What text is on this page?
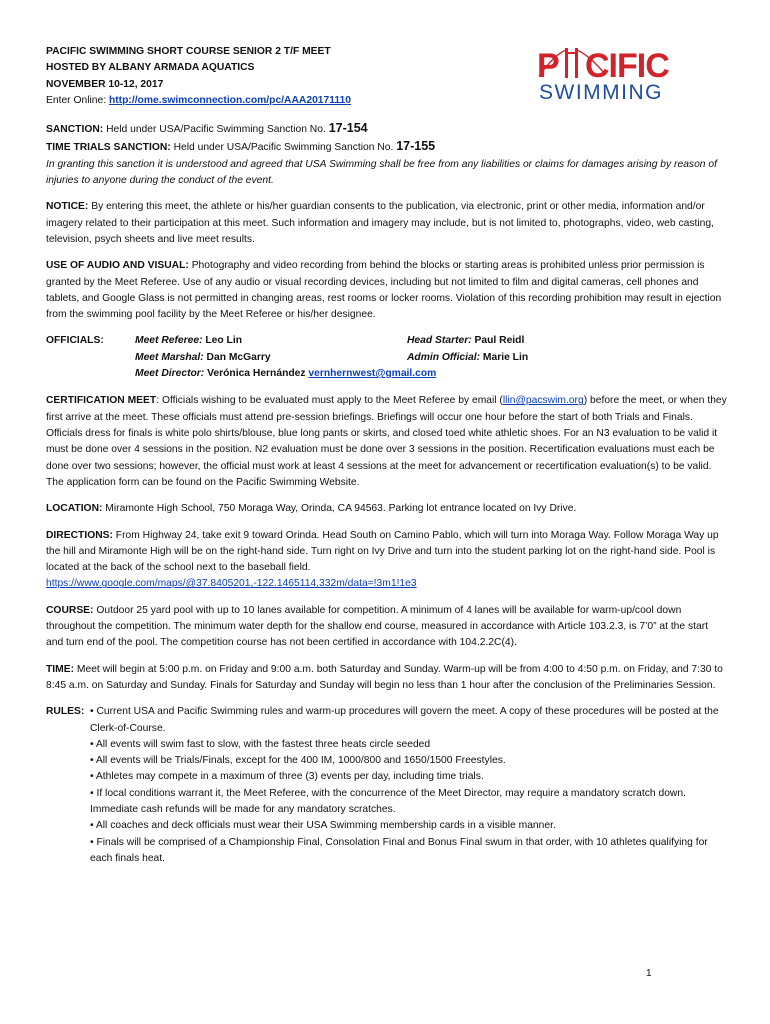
P CIFIC
SWIMMING
PACIFIC SWIMMING SHORT COURSE SENIOR 2 T/F MEET
HOSTED BY ALBANY ARMADA AQUATICS
NOVEMBER 10-12, 2017
Enter Online: http://ome.swimconnection.com/pc/AAA20171110
SANCTION: Held under USA/Pacific Swimming Sanction No. 17-154
TIME TRIALS SANCTION: Held under USA/Pacific Swimming Sanction No. 17-155

In granting this sanction it is understood and agreed that USA Swimming shall be free from any liabilities or claims for damages arising by reason of injuries to anyone during the conduct of the event.

NOTICE: By entering this meet, the athlete or his/her guardian consents to the publication, via electronic, print or other media, information and/or imagery related to their participation at this meet. Such information and imagery may include, but is not limited to, photographs, video, web casting, television, psych sheets and live meet results.

USE OF AUDIO AND VISUAL: Photography and video recording from behind the blocks or starting areas is prohibited unless prior permission is granted by the Meet Referee. Use of any audio or visual recording devices, including but not limited to film and digital cameras, cell phones and tablets, and Google Glass is not permitted in changing areas, rest rooms or locker rooms. Violation of this recording prohibition may result in ejection from the swimming pool facility by the Meet Referee or his/her designee.

OFFICIALS:	Meet Referee: Leo Lin
Meet Marshal: Dan McGarry
Meet Director: Verónica Hernández vernhernwest@gmail.com
Head Starter: Paul Reidl
Admin Official: Marie Lin

CERTIFICATION MEET: Officials wishing to be evaluated must apply to the Meet Referee by email (llin@pacswim.org) before the meet, or when they first arrive at the meet. These officials must attend pre-session briefings. Briefings will occur one hour before the start of both Trials and Finals. Officials dress for finals is white polo shirts/blouse, blue long pants or skirts, and closed toed white athletic shoes. For an N3 evaluation to be valid it must be done over 4 sessions in the position. N2 evaluation must be done over 3 sessions in the position. Recertification evaluations must each be done over two sessions; however, the official must work at least 4 sessions at the meet for advancement or recertification evaluation(s) to be valid. The application form can be found on the Pacific Swimming Website.

LOCATION: Miramonte High School, 750 Moraga Way, Orinda, CA 94563. Parking lot entrance located on Ivy Drive.

DIRECTIONS: From Highway 24, take exit 9 toward Orinda. Head South on Camino Pablo, which will turn into Moraga Way. Follow Moraga Way up the hill and Miramonte High will be on the right-hand side. Turn right on Ivy Drive and turn into the student parking lot on the right-hand side. Pool is located at the back of the school next to the baseball field.
https://www.google.com/maps/@37.8405201,-122.1465114,332m/data=!3m1!1e3

COURSE: Outdoor 25 yard pool with up to 10 lanes available for competition. A minimum of 4 lanes will be available for warm-up/cool down throughout the competition. The minimum water depth for the shallow end course, measured in accordance with Article 103.2.3, is 7’0” at the start and turn end of the pool. The competition course has not been certified in accordance with 104.2.2C(4).

TIME: Meet will begin at 5:00 p.m. on Friday and 9:00 a.m. both Saturday and Sunday. Warm-up will be from 4:00 to 4:50 p.m. on Friday, and 7:30 to 8:45 a.m. on Saturday and Sunday. Finals for Saturday and Sunday will begin no less than 1 hour after the conclusion of the Preliminaries Session.

RULES: • Current USA and Pacific Swimming rules and warm-up procedures will govern the meet. A copy of these procedures will be posted at the Clerk-of-Course.
• All events will swim fast to slow, with the fastest three heats circle seeded
• All events will be Trials/Finals, except for the 400 IM, 1000/800 and 1650/1500 Freestyles.
• Athletes may compete in a maximum of three (3) events per day, including time trials.
• If local conditions warrant it, the Meet Referee, with the concurrence of the Meet Director, may require a mandatory scratch down. Immediate cash refunds will be made for any mandatory scratches.
• All coaches and deck officials must wear their USA Swimming membership cards in a visible manner.
• Finals will be comprised of a Championship Final, Consolation Final and Bonus Final swum in that order, with 10 athletes qualifying for each finals heat.
1
